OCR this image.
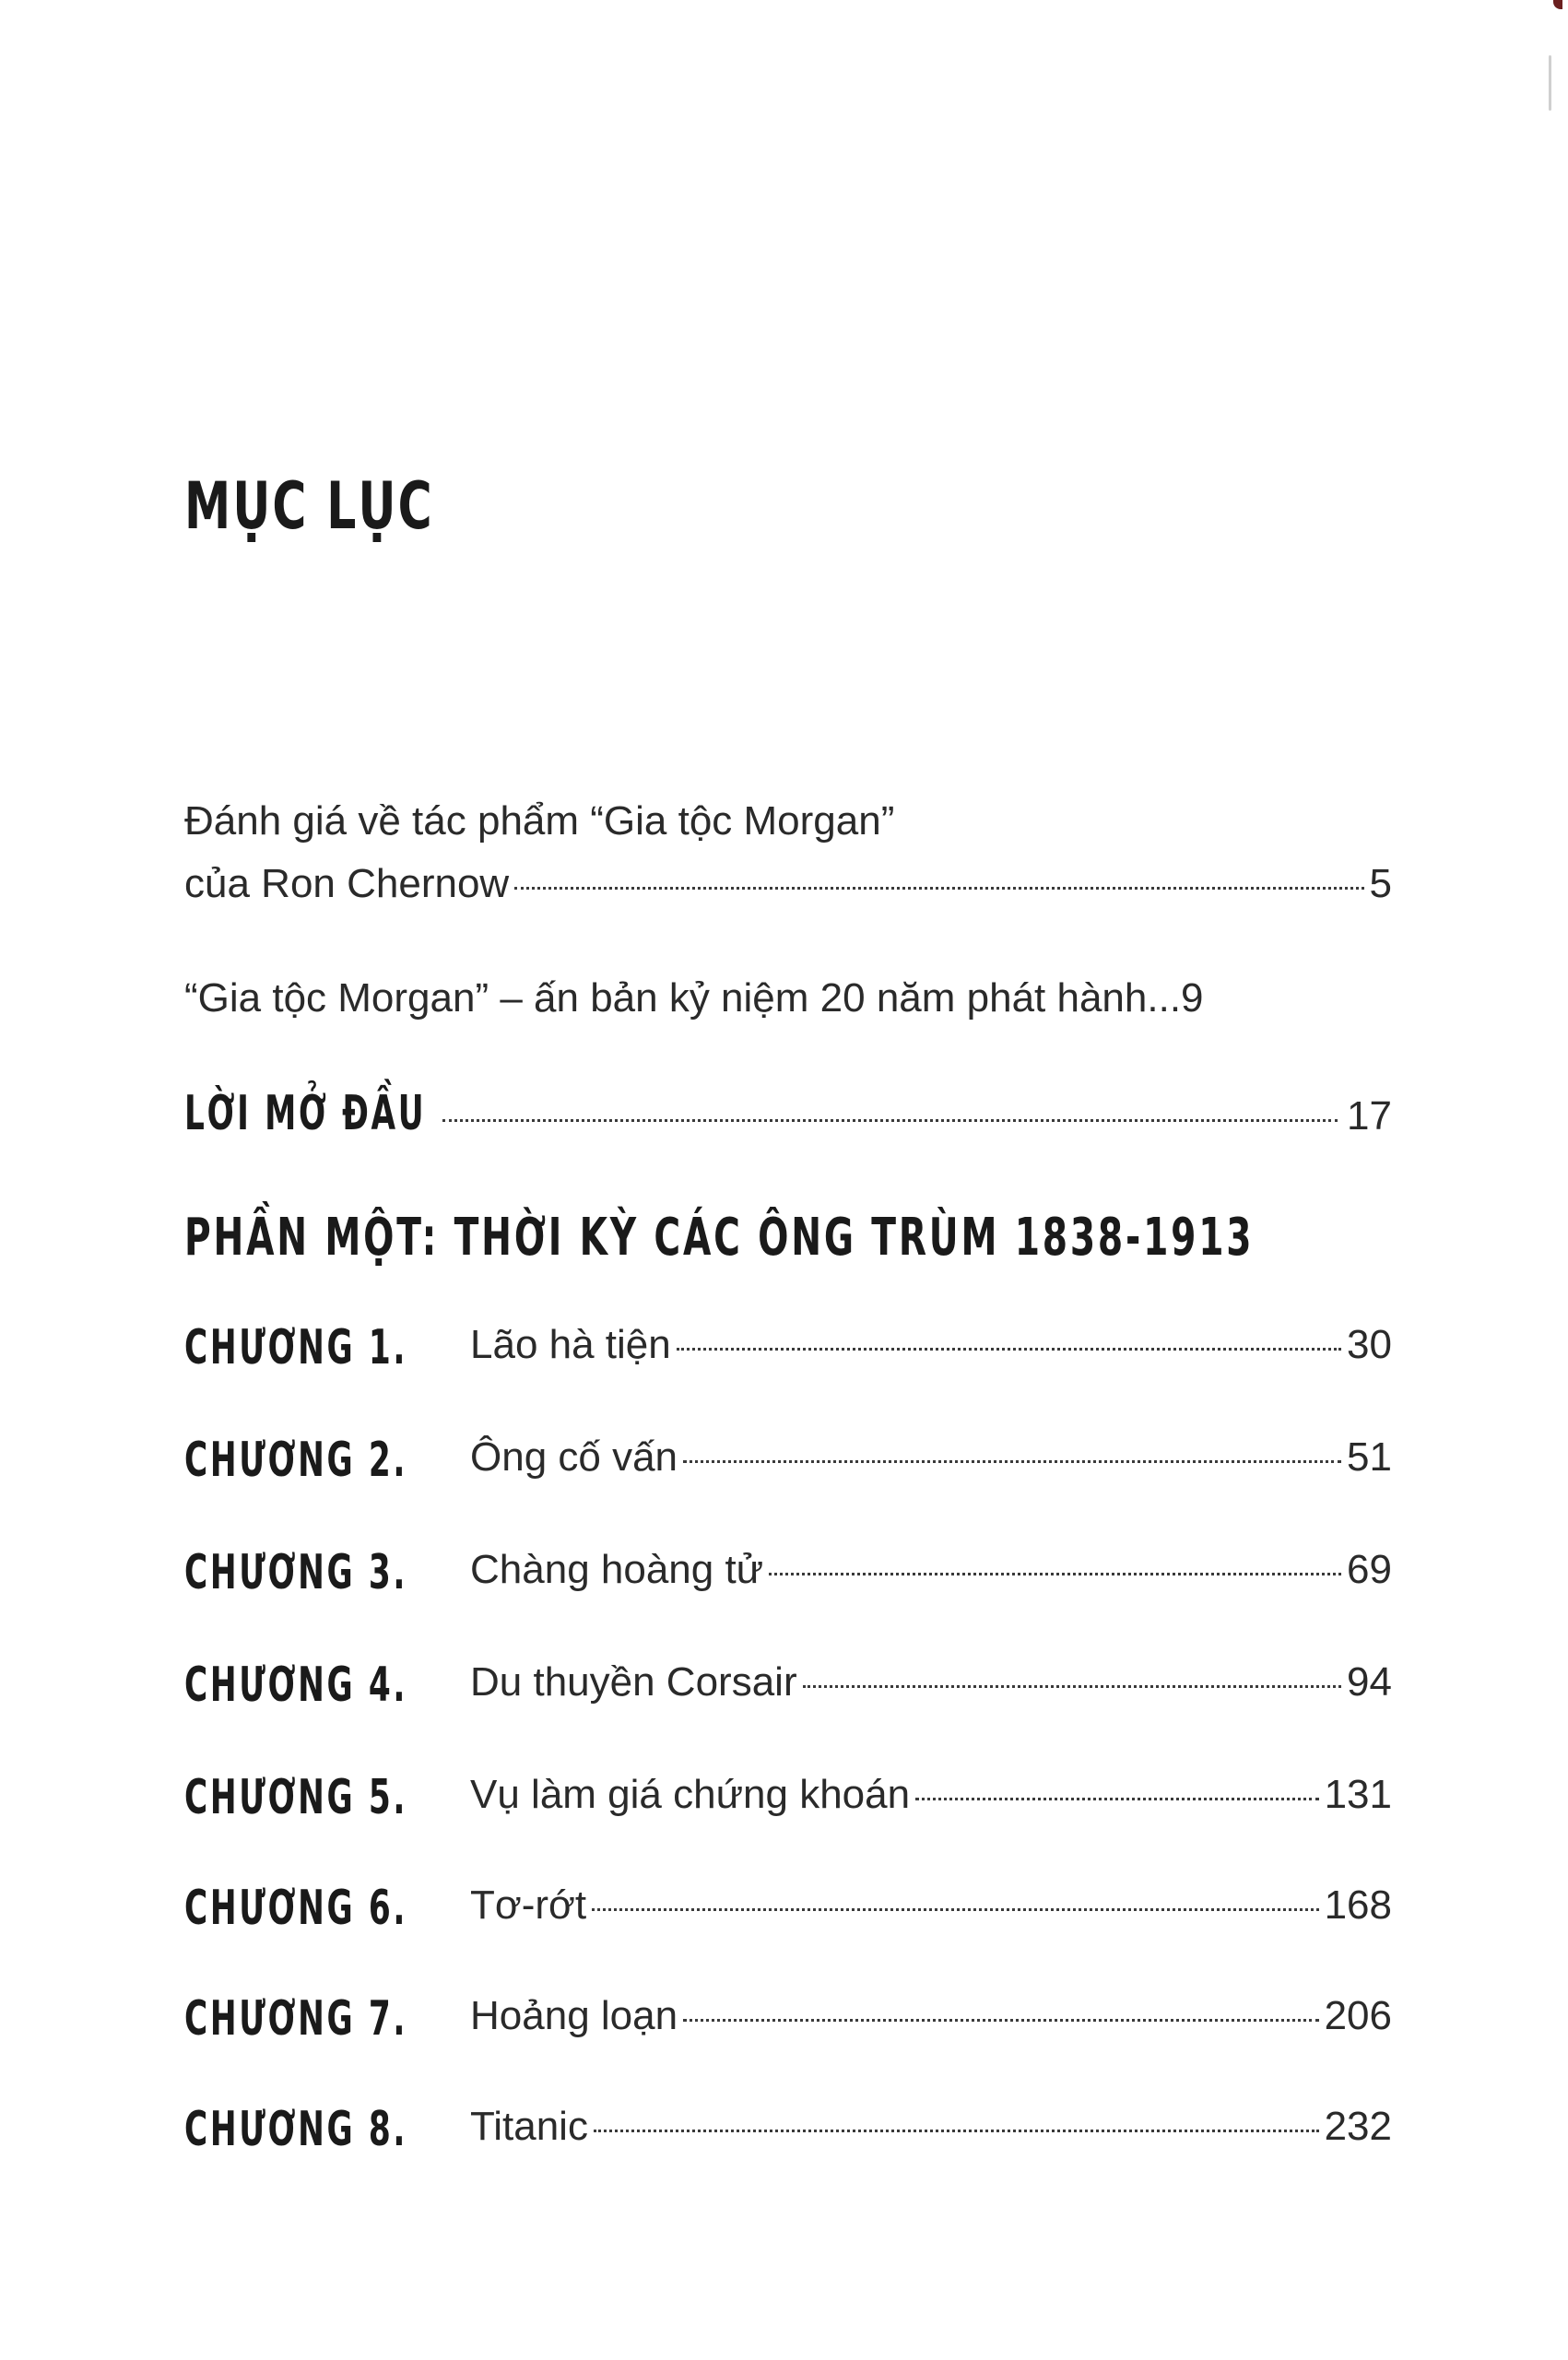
MỤC LỤC
Đánh giá về tác phẩm “Gia tộc Morgan”
của Ron Chernow	5
“Gia tộc Morgan” – ấn bản kỷ niệm 20 năm phát hành...9
LỜI MỞ ĐẦU	17
PHẦN MỘT: THỜI KỲ CÁC ÔNG TRÙM 1838-1913
CHƯƠNG 1. Lão hà tiện	30
CHƯƠNG 2. Ông cố vấn	51
CHƯƠNG 3. Chàng hoàng tử	69
CHƯƠNG 4. Du thuyền Corsair	94
CHƯƠNG 5. Vụ làm giá chứng khoán	131
CHƯƠNG 6. Tơ-rớt	168
CHƯƠNG 7. Hoảng loạn	206
CHƯƠNG 8. Titanic	232
